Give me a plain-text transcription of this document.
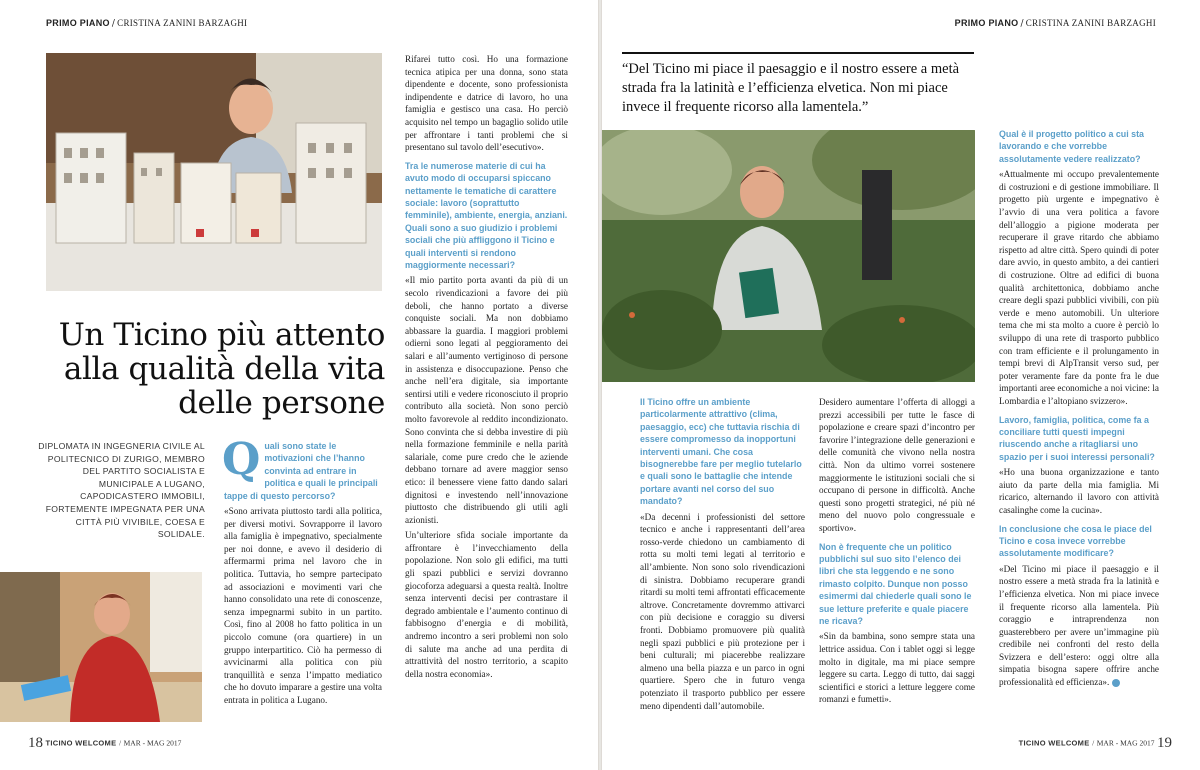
PRIMO PIANO / CRISTINA ZANINI BARZAGHI

Rifarei tutto così. Ho una formazione tecnica atipica per una donna, sono stata dipendente e docente, sono professionista indipendente e datrice di lavoro, ho una famiglia e gestisco una casa. Ho perciò acquisito nel tempo un bagaglio solido utile per affrontare i tanti problemi che si presentano sul tavolo dell’esecutivo».

Tra le numerose materie di cui ha avuto modo di occuparsi spiccano nettamente le tematiche di carattere sociale: lavoro (soprattutto femminile), ambiente, energia, anziani. Quali sono a suo giudizio i problemi sociali che più affliggono il Ticino e quali interventi si rendono maggiormente necessari?

«Il mio partito porta avanti da più di un secolo rivendicazioni a favore dei più deboli, che hanno portato a diverse conquiste sociali. Ma non dobbiamo abbassare la guardia. I maggiori problemi odierni sono legati al peggioramento dei salari e all’aumento vertiginoso di persone in assistenza e disoccupazione. Penso che anche nell’era digitale, sia importante sentirsi utili e vedere riconosciuto il proprio contributo alla società. Non sono perciò molto favorevole al reddito incondizionato. Sono convinta che si debba investire di più nella formazione femminile e nella parità salariale, come pure credo che le aziende debbano tornare ad avere maggior senso etico: il benessere viene fatto dando salari dignitosi e investendo nell’innovazione piuttosto che distribuendo gli utili agli azionisti.

Un’ulteriore sfida sociale importante da affrontare è l’invecchiamento della popolazione. Non solo gli edifici, ma tutti gli spazi pubblici e servizi dovranno giocoforza adeguarsi a questa realtà. Inoltre senza interventi decisi per contrastare il degrado ambientale e l’aumento continuo di fabbisogno d’energia e di mobilità, andremo incontro a seri problemi non solo di salute ma anche ad una perdita di attrattività del nostro territorio, a scapito della nostra economia».

Un Ticino più attento alla qualità della vita delle persone
DIPLOMATA IN INGEGNERIA CIVILE AL POLITECNICO DI ZURIGO, MEMBRO DEL PARTITO SOCIALISTA E MUNICIPALE A LUGANO, CAPODICASTERO IMMOBILI, FORTEMENTE IMPEGNATA PER UNA CITTÀ PIÙ VIVIBILE, COESA E SOLIDALE.
Quali sono state le motivazioni che l’hanno convinta ad entrare in politica e quali le principali tappe di questo percorso?

«Sono arrivata piuttosto tardi alla politica, per diversi motivi. Sovrapporre il lavoro alla famiglia è impegnativo, specialmente per noi donne, e avevo il desiderio di affermarmi prima nel lavoro che in politica. Tuttavia, ho sempre partecipato ad associazioni e movimenti vari che hanno consolidato una rete di conoscenze, senza impegnarmi subito in un partito. Così, fino al 2008 ho fatto politica in un piccolo comune (ora quartiere) in un gruppo interpartitico. Ciò ha permesso di avvicinarmi alla politica con più tranquillità e senza l’impatto mediatico che ho dovuto imparare a gestire una volta entrata in politica a Lugano.

18 TICINO WELCOME / MAR - MAG 2017
PRIMO PIANO / CRISTINA ZANINI BARZAGHI
“Del Ticino mi piace il paesaggio e il nostro essere a metà strada fra la latinità e l’efficienza elvetica. Non mi piace invece il frequente ricorso alla lamentela.”
Il Ticino offre un ambiente particolarmente attrattivo (clima, paesaggio, ecc) che tuttavia rischia di essere compromesso da inopportuni interventi umani. Che cosa bisognerebbe fare per meglio tutelarlo e quali sono le battaglie che intende portare avanti nel corso del suo mandato?

«Da decenni i professionisti del settore tecnico e anche i rappresentanti dell’area rosso-verde chiedono un cambiamento di rotta su molti temi legati al territorio e all’ambiente. Non sono solo rivendicazioni di sinistra. Dobbiamo recuperare grandi ritardi su molti temi affrontati efficacemente altrove. Concretamente dovremmo attivarci con più decisione e coraggio su diversi fronti. Dobbiamo promuovere più qualità negli spazi pubblici e più protezione per i beni culturali; mi piacerebbe realizzare almeno una bella piazza e un parco in ogni quartiere. Spero che in futuro venga potenziato il trasporto pubblico per essere meno dipendenti dall’automobile.

Desidero aumentare l’offerta di alloggi a prezzi accessibili per tutte le fasce di popolazione e creare spazi d’incontro per favorire l’integrazione delle generazioni e delle comunità che vivono nella nostra città. Non da ultimo vorrei sostenere maggiormente le istituzioni sociali che si occupano di persone in difficoltà. Anche questi sono progetti strategici, né più né meno del nuovo polo congressuale e sportivo».

Non è frequente che un politico pubblichi sul suo sito l’elenco dei libri che sta leggendo e ne sono rimasto colpito. Dunque non posso esimermi dal chiederle quali sono le sue letture preferite e quale piacere ne ricava?

«Sin da bambina, sono sempre stata una lettrice assidua. Con i tablet oggi si legge molto in digitale, ma mi piace sempre leggere su carta. Leggo di tutto, dai saggi scientifici e storici a letture leggere come romanzi e fumetti».

Qual è il progetto politico a cui sta lavorando e che vorrebbe assolutamente vedere realizzato?

«Attualmente mi occupo prevalentemente di costruzioni e di gestione immobiliare. Il progetto più urgente e impegnativo è l’avvio di una vera politica a favore dell’alloggio a pigione moderata per recuperare il grave ritardo che abbiamo rispetto ad altre città. Spero quindi di poter dare avvio, in questo ambito, a dei cantieri di costruzione. Oltre ad edifici di buona qualità architettonica, dobbiamo anche creare degli spazi pubblici vivibili, con più verde e meno automobili. Un ulteriore tema che mi sta molto a cuore è perciò lo sviluppo di una rete di trasporto pubblico con tram efficiente e il prolungamento in tempi brevi di AlpTransit verso sud, per poter veramente fare da ponte fra le due importanti aree economiche a noi vicine: la Lombardia e l’altopiano svizzero».

Lavoro, famiglia, politica, come fa a conciliare tutti questi impegni riuscendo anche a ritagliarsi uno spazio per i suoi interessi personali?

«Ho una buona organizzazione e tanto aiuto da parte della mia famiglia. Mi ricarico, alternando il lavoro con attività casalinghe come la cucina».

In conclusione che cosa le piace del Ticino e cosa invece vorrebbe assolutamente modificare?

«Del Ticino mi piace il paesaggio e il nostro essere a metà strada fra la latinità e l’efficienza elvetica. Non mi piace invece il frequente ricorso alla lamentela. Più coraggio e intraprendenza non guasterebbero per avere un’immagine più credibile nei confronti del resto della Svizzera e dell’estero: oggi oltre alla simpatia bisogna sapere offrire anche professionalità ed efficienza».

TICINO WELCOME / MAR - MAG 2017 19
